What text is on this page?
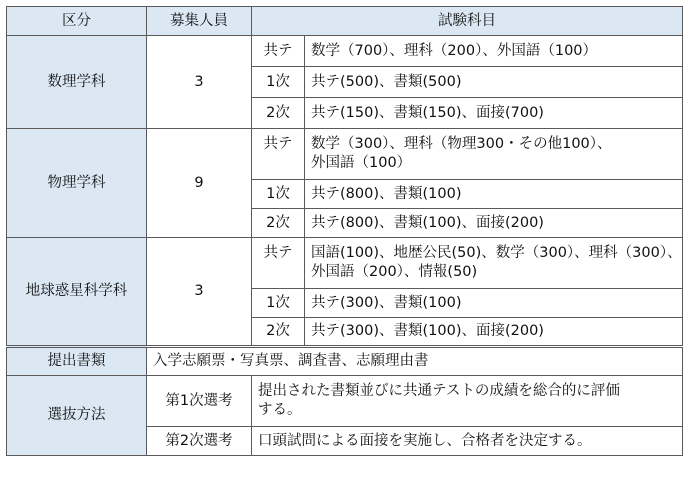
区分	募集人員	試験科目	
数理学科	3	共テ	数学（700）、理科（200）、外国語（100）
		1次	共テ(500)、書類(500)
		2次	共テ(150)、書類(150)、面接(700)
物理学科	9	共テ	数学（300）、理科（物理300・その他100）、
外国語（100）

		1次	共テ(800)、書類(100)
		2次	共テ(800)、書類(100)、面接(200)
地球惑星科学科	3	共テ	国語(100)、地歴公民(50)、数学（300）、理科（300）、
外国語（200）、情報(50)

		1次	共テ(300)、書類(100)
		2次	共テ(300)、書類(100)、面接(200)
提出書類	入学志願票・写真票、調査書、志願理由書		
選抜方法	第1次選考	提出された書類並びに共通テストの成績を総合的に評価
する。	

	第2次選考	口頭試問による面接を実施し、合格者を決定する。	
